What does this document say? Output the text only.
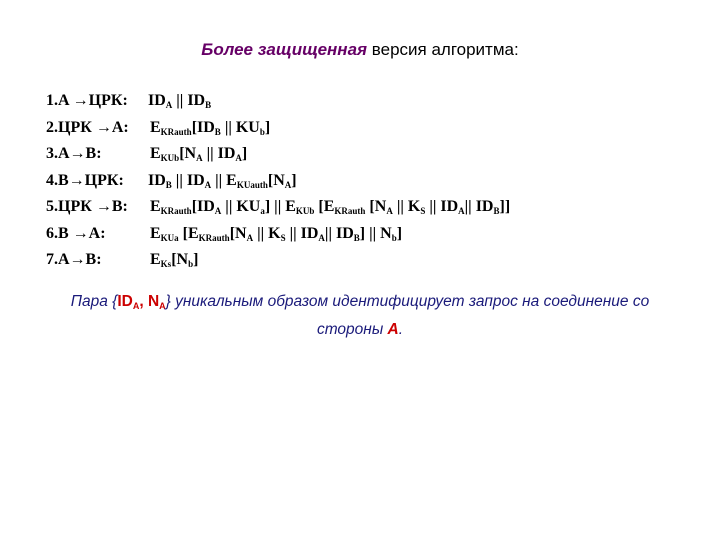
Более защищенная версия алгоритма:
1.A →ЦРК: $ID_A$ || $ID_B$
2.ЦРК →A: $E_{KRauth}[ID_B$ || $KU_b$]
3.A→B:	$E_{KUb}[N_A$ || $ID_A$]
4.B→ЦРК: $ID_B$ || $ID_A$ || $E_{KUauth}[N_A]$
5.ЦРК →B: $E_{KRauth}[ID_A$ || $KU_a$] || $E_{KUb}$ [$E_{KRauth}$ [$N_A$ || $K_S$ || $ID_A||$ $ID_B$]]
6.B →A:	$E_{KUa}$ [$E_{KRauth}[N_A$ || $K_S$ || $ID_A||$ $ID_B$] || $N_b$]
7.A→B:	$E_{Ks}[N_b]$
Пара {$ID_A$, $N_A$} уникальным образом идентифицирует запрос на соединение со стороны A.
